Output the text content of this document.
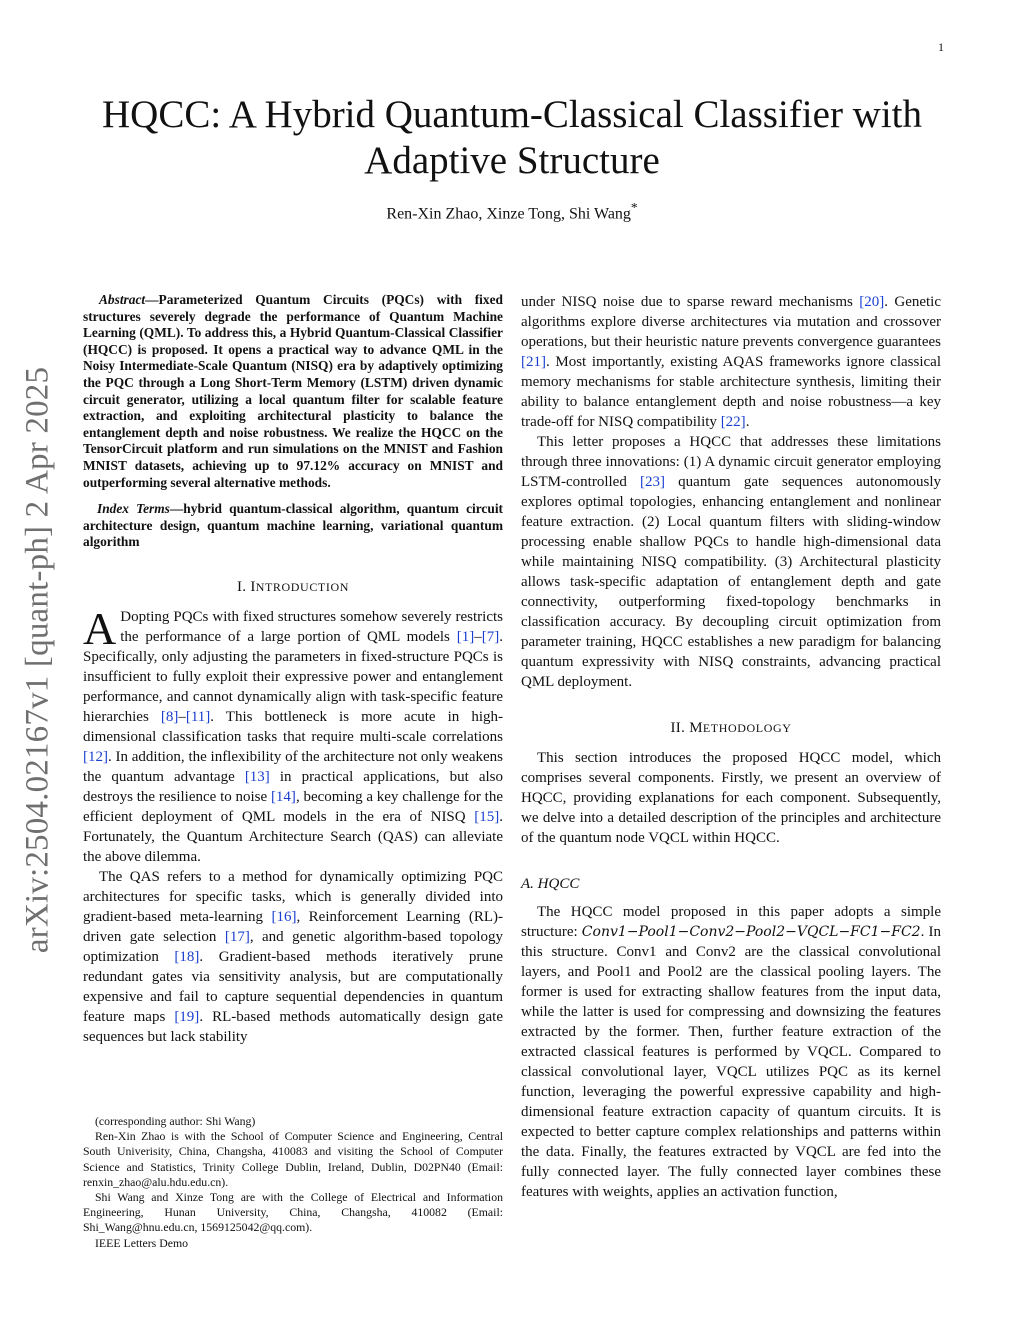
1
arXiv:2504.02167v1 [quant-ph] 2 Apr 2025
HQCC: A Hybrid Quantum-Classical Classifier with
Adaptive Structure
Ren-Xin Zhao, Xinze Tong, Shi Wang*

Abstract—Parameterized Quantum Circuits (PQCs) with fixed structures severely degrade the performance of Quantum Machine Learning (QML). To address this, a Hybrid Quantum-Classical Classifier (HQCC) is proposed. It opens a practical way to advance QML in the Noisy Intermediate-Scale Quantum (NISQ) era by adaptively optimizing the PQC through a Long Short-Term Memory (LSTM) driven dynamic circuit generator, utilizing a local quantum filter for scalable feature extraction, and exploiting architectural plasticity to balance the entanglement depth and noise robustness. We realize the HQCC on the TensorCircuit platform and run simulations on the MNIST and Fashion MNIST datasets, achieving up to 97.12% accuracy on MNIST and outperforming several alternative methods.

Index Terms—hybrid quantum-classical algorithm, quantum circuit architecture design, quantum machine learning, variational quantum algorithm

I. INTRODUCTION

A Dopting PQCs with fixed structures somehow severely restricts the performance of a large portion of QML models [1]–[7]. Specifically, only adjusting the parameters in fixed-structure PQCs is insufficient to fully exploit their expressive power and entanglement performance, and cannot dynamically align with task-specific feature hierarchies [8]–[11]. This bottleneck is more acute in high-dimensional classification tasks that require multi-scale correlations [12]. In addition, the inflexibility of the architecture not only weakens the quantum advantage [13] in practical applications, but also destroys the resilience to noise [14], becoming a key challenge for the efficient deployment of QML models in the era of NISQ [15]. Fortunately, the Quantum Architecture Search (QAS) can alleviate the above dilemma.

The QAS refers to a method for dynamically optimizing PQC architectures for specific tasks, which is generally divided into gradient-based meta-learning [16], Reinforcement Learning (RL)-driven gate selection [17], and genetic algorithm-based topology optimization [18]. Gradient-based methods iteratively prune redundant gates via sensitivity analysis, but are computationally expensive and fail to capture sequential dependencies in quantum feature maps [19]. RL-based methods automatically design gate sequences but lack stability

(corresponding author: Shi Wang)

Ren-Xin Zhao is with the School of Computer Science and Engineering, Central South Univerisity, China, Changsha, 410083 and visiting the School of Computer Science and Statistics, Trinity College Dublin, Ireland, Dublin, D02PN40 (Email: renxin_zhao@alu.hdu.edu.cn).

Shi Wang and Xinze Tong are with the College of Electrical and Information Engineering, Hunan University, China, Changsha, 410082 (Email: Shi_Wang@hnu.edu.cn, 1569125042@qq.com).

IEEE Letters Demo

under NISQ noise due to sparse reward mechanisms [20]. Genetic algorithms explore diverse architectures via mutation and crossover operations, but their heuristic nature prevents convergence guarantees [21]. Most importantly, existing AQAS frameworks ignore classical memory mechanisms for stable architecture synthesis, limiting their ability to balance entanglement depth and noise robustness—a key trade-off for NISQ compatibility [22].

This letter proposes a HQCC that addresses these limitations through three innovations: (1) A dynamic circuit generator employing LSTM-controlled [23] quantum gate sequences autonomously explores optimal topologies, enhancing entanglement and nonlinear feature extraction. (2) Local quantum filters with sliding-window processing enable shallow PQCs to handle high-dimensional data while maintaining NISQ compatibility. (3) Architectural plasticity allows task-specific adaptation of entanglement depth and gate connectivity, outperforming fixed-topology benchmarks in classification accuracy. By decoupling circuit optimization from parameter training, HQCC establishes a new paradigm for balancing quantum expressivity with NISQ constraints, advancing practical QML deployment.

II. METHODOLOGY

This section introduces the proposed HQCC model, which comprises several components. Firstly, we present an overview of HQCC, providing explanations for each component. Subsequently, we delve into a detailed description of the principles and architecture of the quantum node VQCL within HQCC.

A. HQCC

The HQCC model proposed in this paper adopts a simple structure: Conv1−Pool1−Conv2−Pool2−VQCL−FC1−FC2. In this structure. Conv1 and Conv2 are the classical convolutional layers, and Pool1 and Pool2 are the classical pooling layers. The former is used for extracting shallow features from the input data, while the latter is used for compressing and downsizing the features extracted by the former. Then, further feature extraction of the extracted classical features is performed by VQCL. Compared to classical convolutional layer, VQCL utilizes PQC as its kernel function, leveraging the powerful expressive capability and high-dimensional feature extraction capacity of quantum circuits. It is expected to better capture complex relationships and patterns within the data. Finally, the features extracted by VQCL are fed into the fully connected layer. The fully connected layer combines these features with weights, applies an activation function,
